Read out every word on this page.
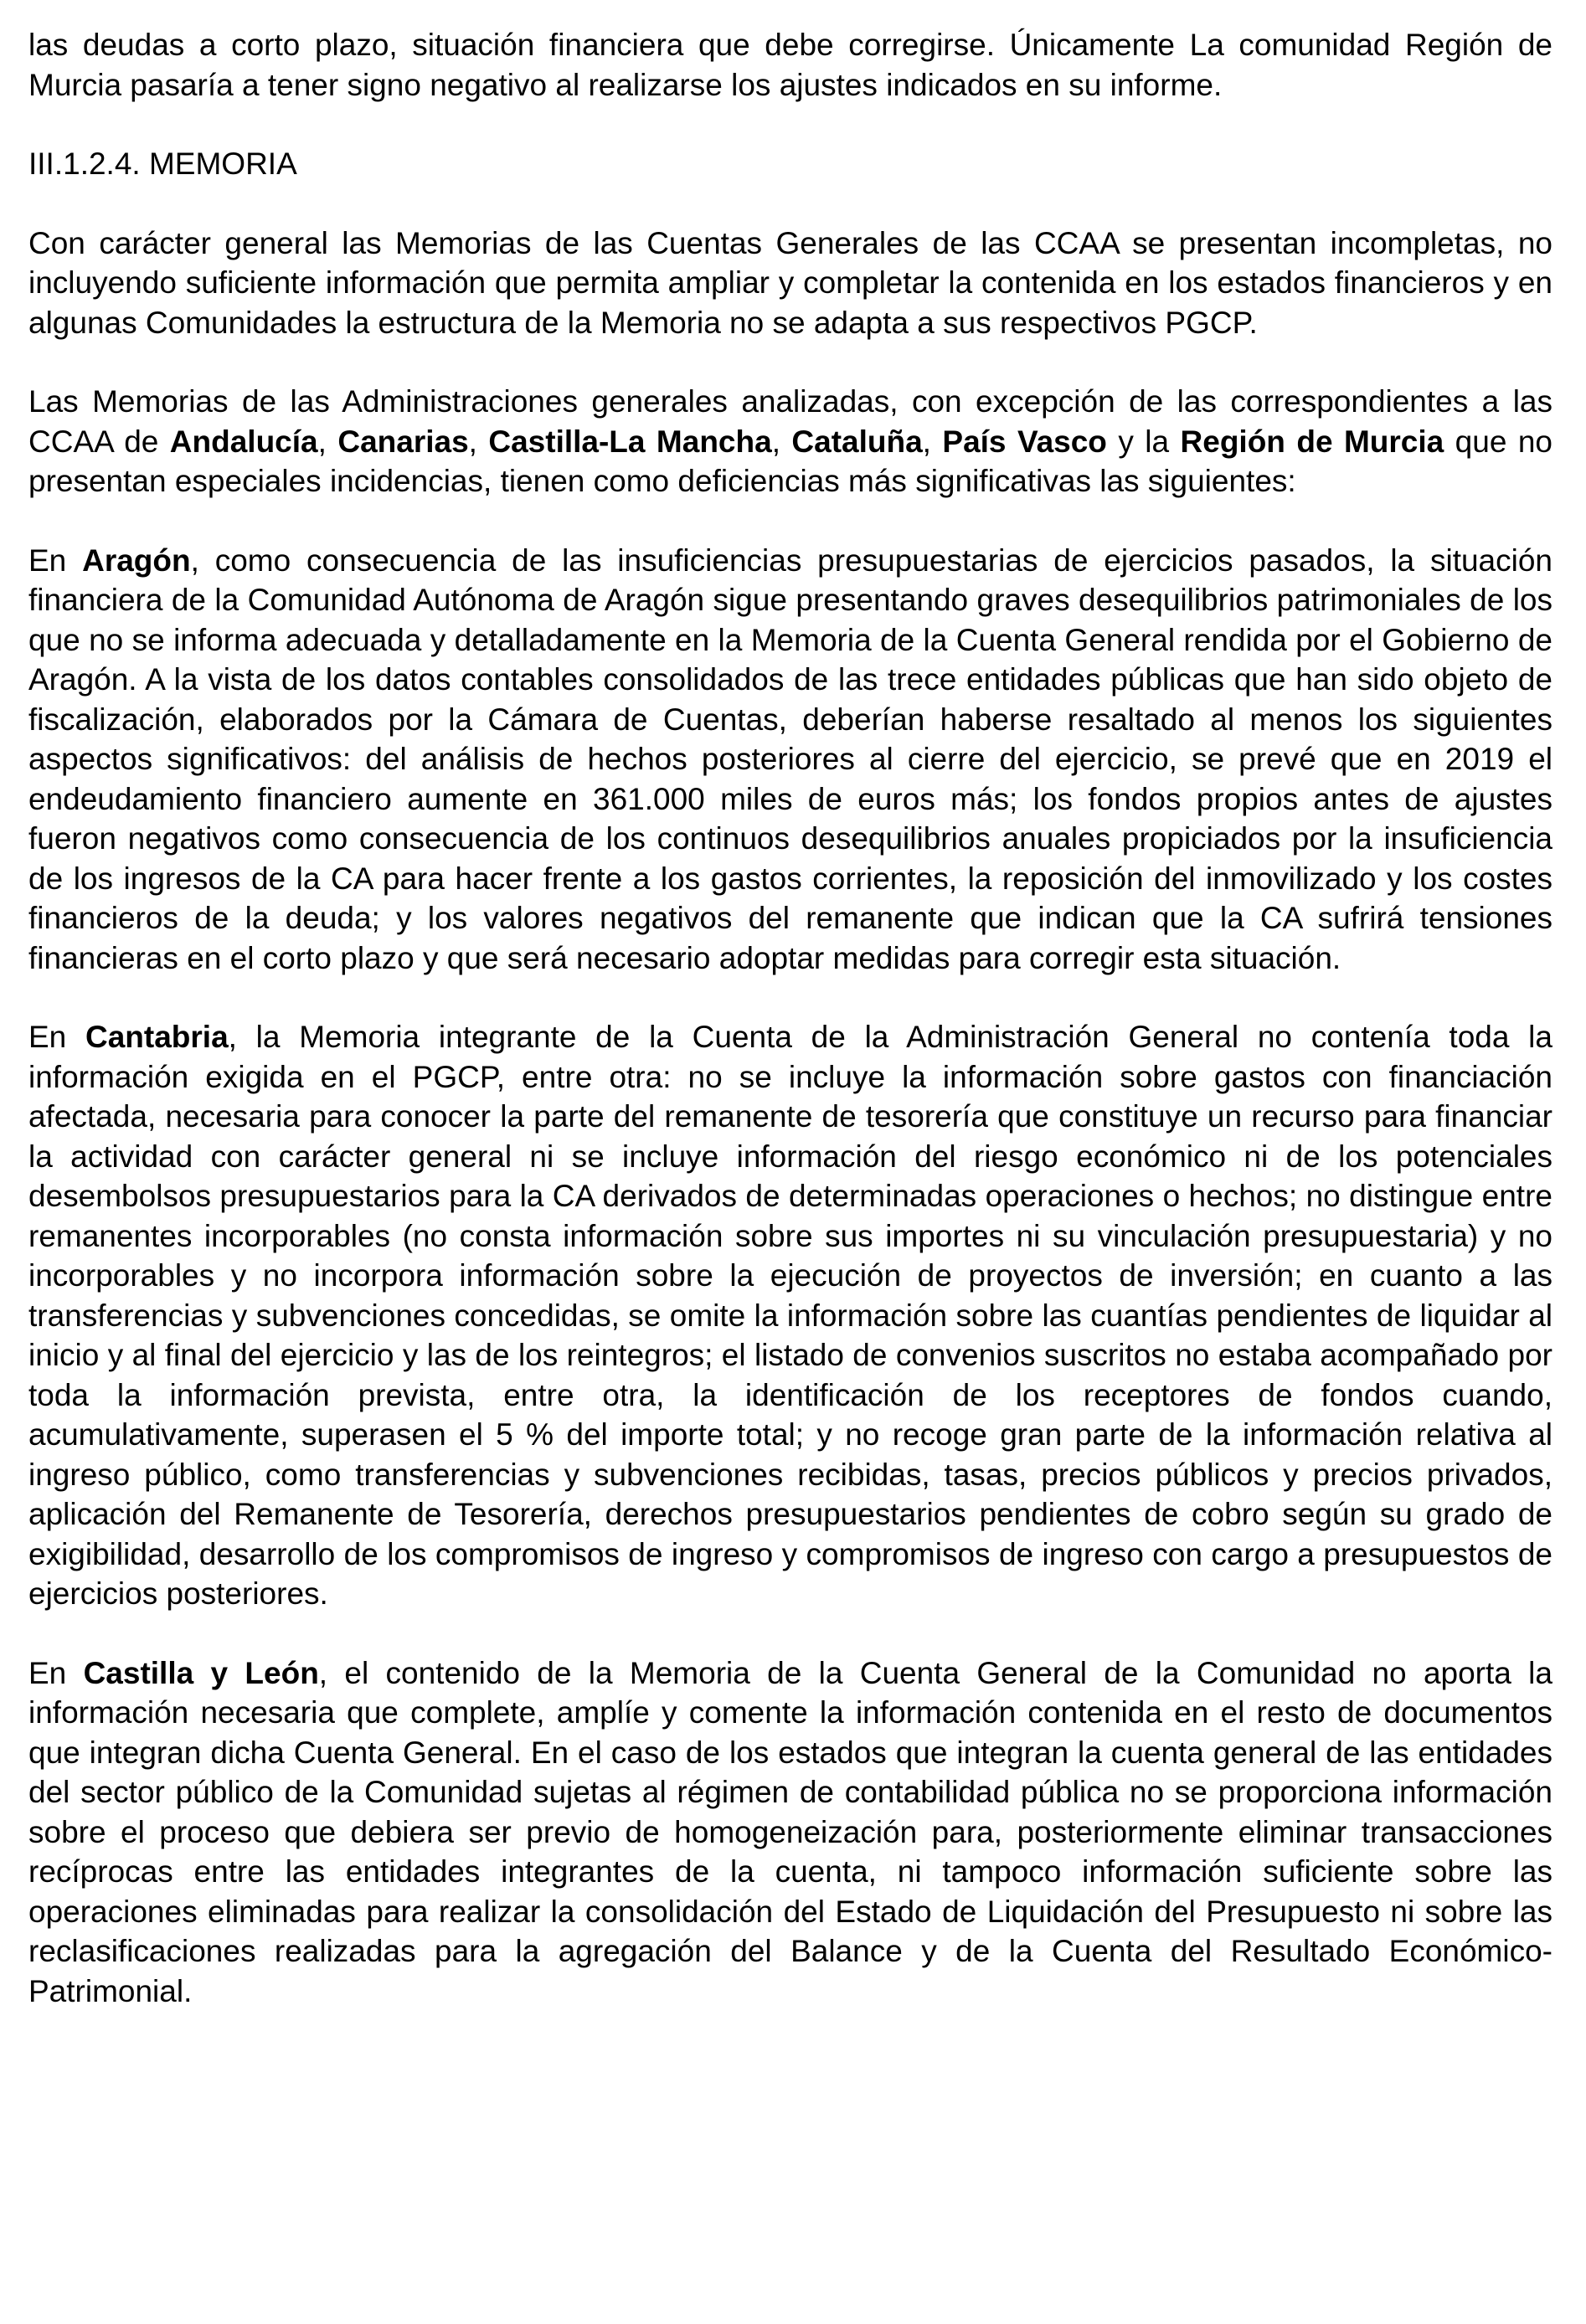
las deudas a corto plazo, situación financiera que debe corregirse. Únicamente La comunidad Región de Murcia pasaría a tener signo negativo al realizarse los ajustes indicados en su informe.

III.1.2.4. MEMORIA

Con carácter general las Memorias de las Cuentas Generales de las CCAA se presentan incompletas, no incluyendo suficiente información que permita ampliar y completar la contenida en los estados financieros y en algunas Comunidades la estructura de la Memoria no se adapta a sus respectivos PGCP.

Las Memorias de las Administraciones generales analizadas, con excepción de las correspondientes a las CCAA de Andalucía, Canarias, Castilla-La Mancha, Cataluña, País Vasco y la Región de Murcia que no presentan especiales incidencias, tienen como deficiencias más significativas las siguientes:

En Aragón, como consecuencia de las insuficiencias presupuestarias de ejercicios pasados, la situación financiera de la Comunidad Autónoma de Aragón sigue presentando graves desequilibrios patrimoniales de los que no se informa adecuada y detalladamente en la Memoria de la Cuenta General rendida por el Gobierno de Aragón. A la vista de los datos contables consolidados de las trece entidades públicas que han sido objeto de fiscalización, elaborados por la Cámara de Cuentas, deberían haberse resaltado al menos los siguientes aspectos significativos: del análisis de hechos posteriores al cierre del ejercicio, se prevé que en 2019 el endeudamiento financiero aumente en 361.000 miles de euros más; los fondos propios antes de ajustes fueron negativos como consecuencia de los continuos desequilibrios anuales propiciados por la insuficiencia de los ingresos de la CA para hacer frente a los gastos corrientes, la reposición del inmovilizado y los costes financieros de la deuda; y los valores negativos del remanente que indican que la CA sufrirá tensiones financieras en el corto plazo y que será necesario adoptar medidas para corregir esta situación.

En Cantabria, la Memoria integrante de la Cuenta de la Administración General no contenía toda la información exigida en el PGCP, entre otra: no se incluye la información sobre gastos con financiación afectada, necesaria para conocer la parte del remanente de tesorería que constituye un recurso para financiar la actividad con carácter general ni se incluye información del riesgo económico ni de los potenciales desembolsos presupuestarios para la CA derivados de determinadas operaciones o hechos; no distingue entre remanentes incorporables (no consta información sobre sus importes ni su vinculación presupuestaria) y no incorporables y no incorpora información sobre la ejecución de proyectos de inversión; en cuanto a las transferencias y subvenciones concedidas, se omite la información sobre las cuantías pendientes de liquidar al inicio y al final del ejercicio y las de los reintegros; el listado de convenios suscritos no estaba acompañado por toda la información prevista, entre otra, la identificación de los receptores de fondos cuando, acumulativamente, superasen el 5 % del importe total; y no recoge gran parte de la información relativa al ingreso público, como transferencias y subvenciones recibidas, tasas, precios públicos y precios privados, aplicación del Remanente de Tesorería, derechos presupuestarios pendientes de cobro según su grado de exigibilidad, desarrollo de los compromisos de ingreso y compromisos de ingreso con cargo a presupuestos de ejercicios posteriores.

En Castilla y León, el contenido de la Memoria de la Cuenta General de la Comunidad no aporta la información necesaria que complete, amplíe y comente la información contenida en el resto de documentos que integran dicha Cuenta General. En el caso de los estados que integran la cuenta general de las entidades del sector público de la Comunidad sujetas al régimen de contabilidad pública no se proporciona información sobre el proceso que debiera ser previo de homogeneización para, posteriormente eliminar transacciones recíprocas entre las entidades integrantes de la cuenta, ni tampoco información suficiente sobre las operaciones eliminadas para realizar la consolidación del Estado de Liquidación del Presupuesto ni sobre las reclasificaciones realizadas para la agregación del Balance y de la Cuenta del Resultado Económico-Patrimonial.
